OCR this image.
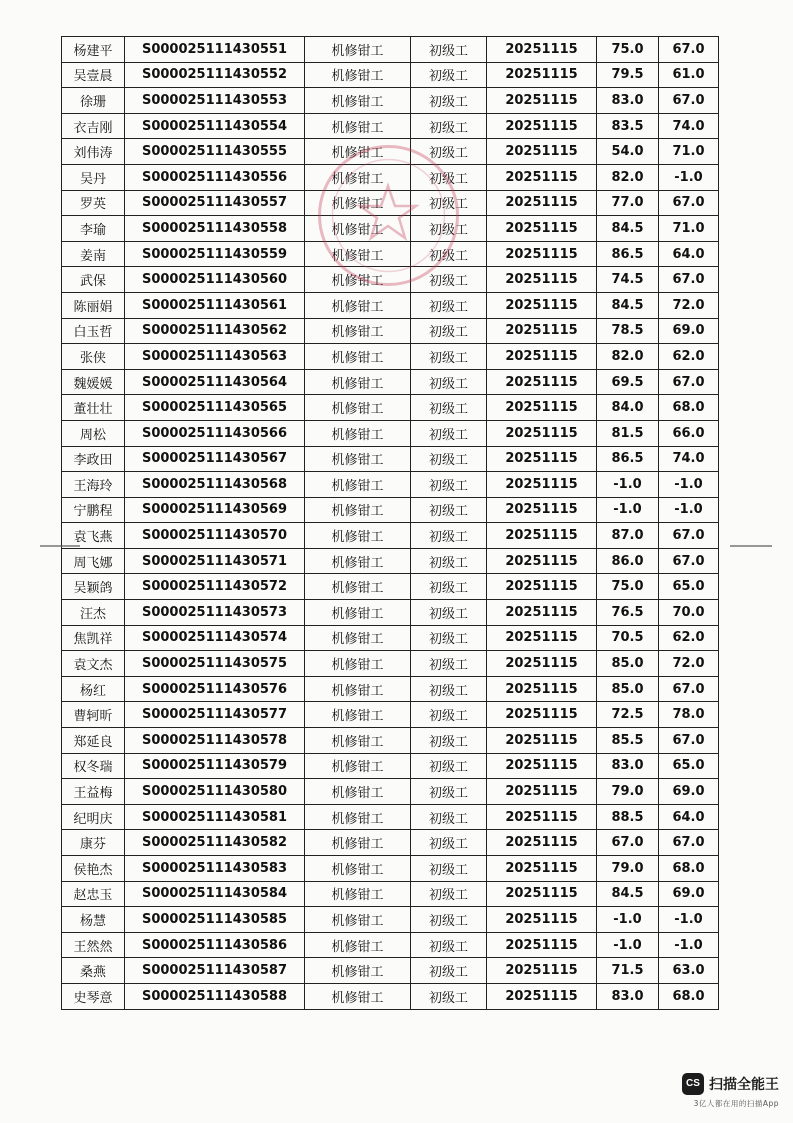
杨建平	S000025111430551	机修钳工	初级工	20251115	75.0	67.0
吴壹晨	S000025111430552	机修钳工	初级工	20251115	79.5	61.0
徐珊	S000025111430553	机修钳工	初级工	20251115	83.0	67.0
衣吉刚	S000025111430554	机修钳工	初级工	20251115	83.5	74.0
刘伟涛	S000025111430555	机修钳工	初级工	20251115	54.0	71.0
吴丹	S000025111430556	机修钳工	初级工	20251115	82.0	-1.0
罗英	S000025111430557	机修钳工	初级工	20251115	77.0	67.0
李瑜	S000025111430558	机修钳工	初级工	20251115	84.5	71.0
姜南	S000025111430559	机修钳工	初级工	20251115	86.5	64.0
武保	S000025111430560	机修钳工	初级工	20251115	74.5	67.0
陈丽娟	S000025111430561	机修钳工	初级工	20251115	84.5	72.0
白玉哲	S000025111430562	机修钳工	初级工	20251115	78.5	69.0
张侠	S000025111430563	机修钳工	初级工	20251115	82.0	62.0
魏媛媛	S000025111430564	机修钳工	初级工	20251115	69.5	67.0
董壮壮	S000025111430565	机修钳工	初级工	20251115	84.0	68.0
周松	S000025111430566	机修钳工	初级工	20251115	81.5	66.0
李政田	S000025111430567	机修钳工	初级工	20251115	86.5	74.0
王海玲	S000025111430568	机修钳工	初级工	20251115	-1.0	-1.0
宁鹏程	S000025111430569	机修钳工	初级工	20251115	-1.0	-1.0
袁飞燕	S000025111430570	机修钳工	初级工	20251115	87.0	67.0
周飞娜	S000025111430571	机修钳工	初级工	20251115	86.0	67.0
吴颖鸽	S000025111430572	机修钳工	初级工	20251115	75.0	65.0
汪杰	S000025111430573	机修钳工	初级工	20251115	76.5	70.0
焦凯祥	S000025111430574	机修钳工	初级工	20251115	70.5	62.0
袁文杰	S000025111430575	机修钳工	初级工	20251115	85.0	72.0
杨红	S000025111430576	机修钳工	初级工	20251115	85.0	67.0
曹轲昕	S000025111430577	机修钳工	初级工	20251115	72.5	78.0
郑延良	S000025111430578	机修钳工	初级工	20251115	85.5	67.0
权冬瑞	S000025111430579	机修钳工	初级工	20251115	83.0	65.0
王益梅	S000025111430580	机修钳工	初级工	20251115	79.0	69.0
纪明庆	S000025111430581	机修钳工	初级工	20251115	88.5	64.0
康芬	S000025111430582	机修钳工	初级工	20251115	67.0	67.0
侯艳杰	S000025111430583	机修钳工	初级工	20251115	79.0	68.0
赵忠玉	S000025111430584	机修钳工	初级工	20251115	84.5	69.0
杨慧	S000025111430585	机修钳工	初级工	20251115	-1.0	-1.0
王然然	S000025111430586	机修钳工	初级工	20251115	-1.0	-1.0
桑燕	S000025111430587	机修钳工	初级工	20251115	71.5	63.0
史琴意	S000025111430588	机修钳工	初级工	20251115	83.0	68.0
CS 扫描全能王
3亿人都在用的扫描App
